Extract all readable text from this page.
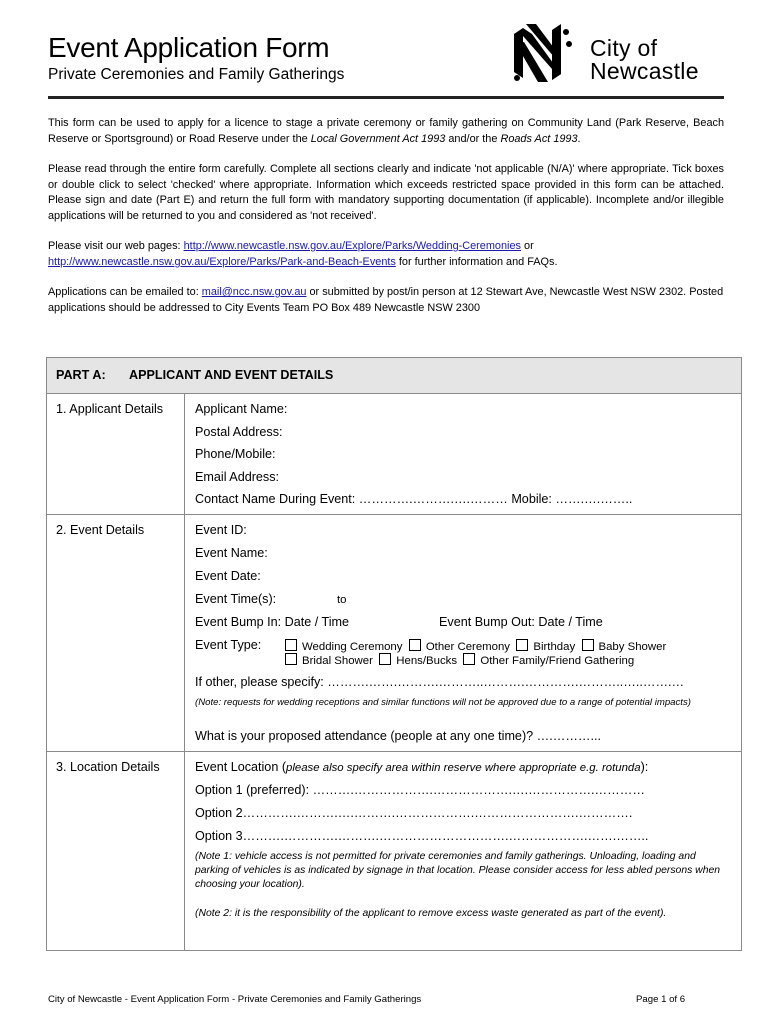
Event Application Form
Private Ceremonies and Family Gatherings
City of
Newcastle

This form can be used to apply for a licence to stage a private ceremony or family gathering on Community Land (Park Reserve, Beach Reserve or Sportsground) or Road Reserve under the Local Government Act 1993 and/or the Roads Act 1993.

Please read through the entire form carefully. Complete all sections clearly and indicate 'not applicable (N/A)' where appropriate. Tick boxes or double click to select 'checked' where appropriate. Information which exceeds restricted space provided in this form can be attached. Please sign and date (Part E) and return the full form with mandatory supporting documentation (if applicable). Incomplete and/or illegible applications will be returned to you and considered as 'not received'.

Please visit our web pages: http://www.newcastle.nsw.gov.au/Explore/Parks/Wedding-Ceremonies or
http://www.newcastle.nsw.gov.au/Explore/Parks/Park-and-Beach-Events for further information and FAQs.

Applications can be emailed to: mail@ncc.nsw.gov.au or submitted by post/in person at 12 Stewart Ave, Newcastle West NSW 2302. Posted applications should be addressed to City Events Team PO Box 489 Newcastle NSW 2300

PART A: APPLICANT AND EVENT DETAILS
1. Applicant Details	Applicant Name:
Postal Address:
Phone/Mobile:
Email Address:
Contact Name During Event: ………….……….….……… Mobile: …….….……..
2. Event Details	Event ID:
Event Name:
Event Date:
Event Time(s):	to
Event Bump In: Date / Time	Event Bump Out: Date / Time
Event Type:	Wedding Ceremony Other Ceremony Birthday Baby Shower
Bridal Shower Hens/Bucks Other Family/Friend Gathering
If other, please specify: ……….…….……….………..……….………….………..…..…….…
(Note: requests for wedding receptions and similar functions will not be approved due to a range of potential impacts)
What is your proposed attendance (people at any one time)? ….………...
3. Location Details	Event Location (please also specify area within reserve where appropriate e.g. rotunda):
Option 1 (preferred): ……….……………….……………….….…………….…………
Option 2………….……….….……….……………….…………………….………….
Option 3……….………….……….………………………….……………….…….……..
(Note 1: vehicle access is not permitted for private ceremonies and family gatherings. Unloading, loading and parking of vehicles is as indicated by signage in that location. Please consider access for less abled persons when choosing your location).
(Note 2: it is the responsibility of the applicant to remove excess waste generated as part of the event).
City of Newcastle - Event Application Form - Private Ceremonies and Family Gatherings	Page 1 of 6
